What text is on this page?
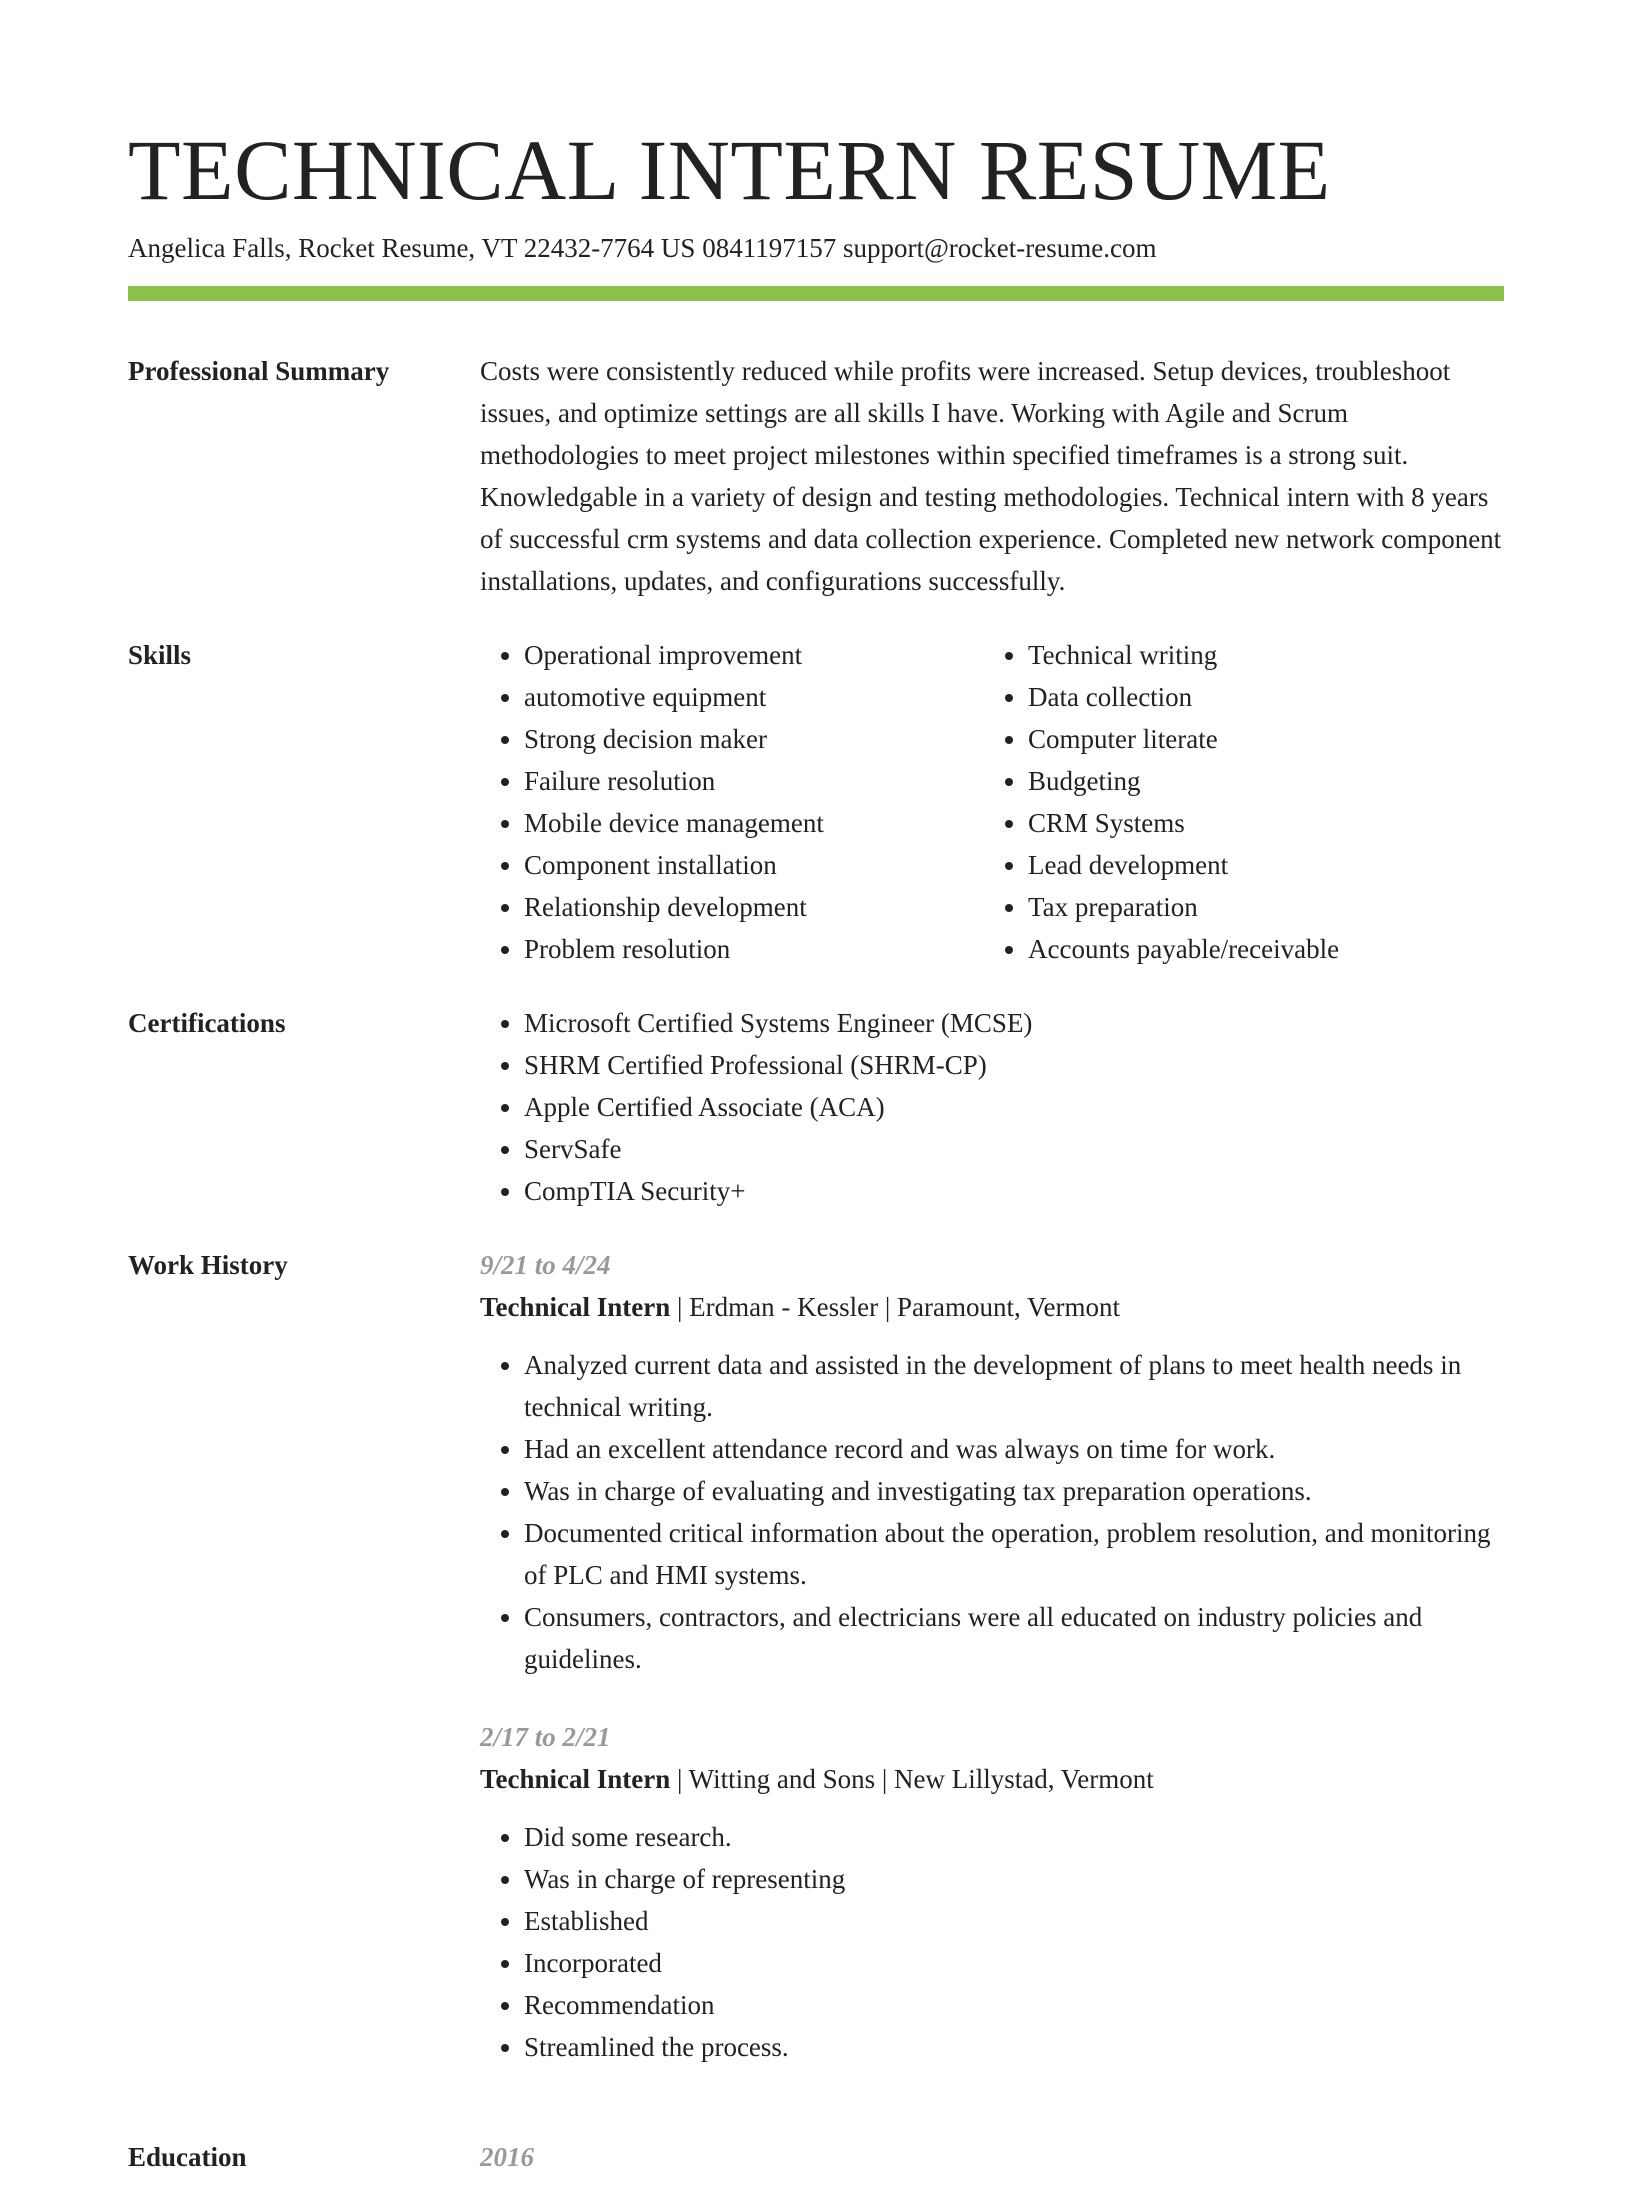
TECHNICAL INTERN RESUME
Angelica Falls, Rocket Resume, VT 22432-7764 US 0841197157 support@rocket-resume.com
Professional Summary	Costs were consistently reduced while profits were increased. Setup devices, troubleshoot issues, and optimize settings are all skills I have. Working with Agile and Scrum methodologies to meet project milestones within specified timeframes is a strong suit. Knowledgable in a variety of design and testing methodologies. Technical intern with 8 years of successful crm systems and data collection experience. Completed new network component installations, updates, and configurations successfully.

Skills	• Operational improvement
• automotive equipment
• Strong decision maker
• Failure resolution
• Mobile device management
• Component installation
• Relationship development
• Problem resolution
• Technical writing
• Data collection
• Computer literate
• Budgeting
• CRM Systems
• Lead development
• Tax preparation
• Accounts payable/receivable
Certifications	• Microsoft Certified Systems Engineer (MCSE)
• SHRM Certified Professional (SHRM-CP)
• Apple Certified Associate (ACA)
• ServSafe
• CompTIA Security+
Work History	9/21 to 4/24
Technical Intern | Erdman - Kessler | Paramount, Vermont
• Analyzed current data and assisted in the development of plans to meet health needs in technical writing.
• Had an excellent attendance record and was always on time for work.
• Was in charge of evaluating and investigating tax preparation operations.
• Documented critical information about the operation, problem resolution, and monitoring of PLC and HMI systems.
• Consumers, contractors, and electricians were all educated on industry policies and guidelines.
2/17 to 2/21
Technical Intern | Witting and Sons | New Lillystad, Vermont
• Did some research.
• Was in charge of representing
• Established
• Incorporated
• Recommendation
• Streamlined the process.
Education	2016
